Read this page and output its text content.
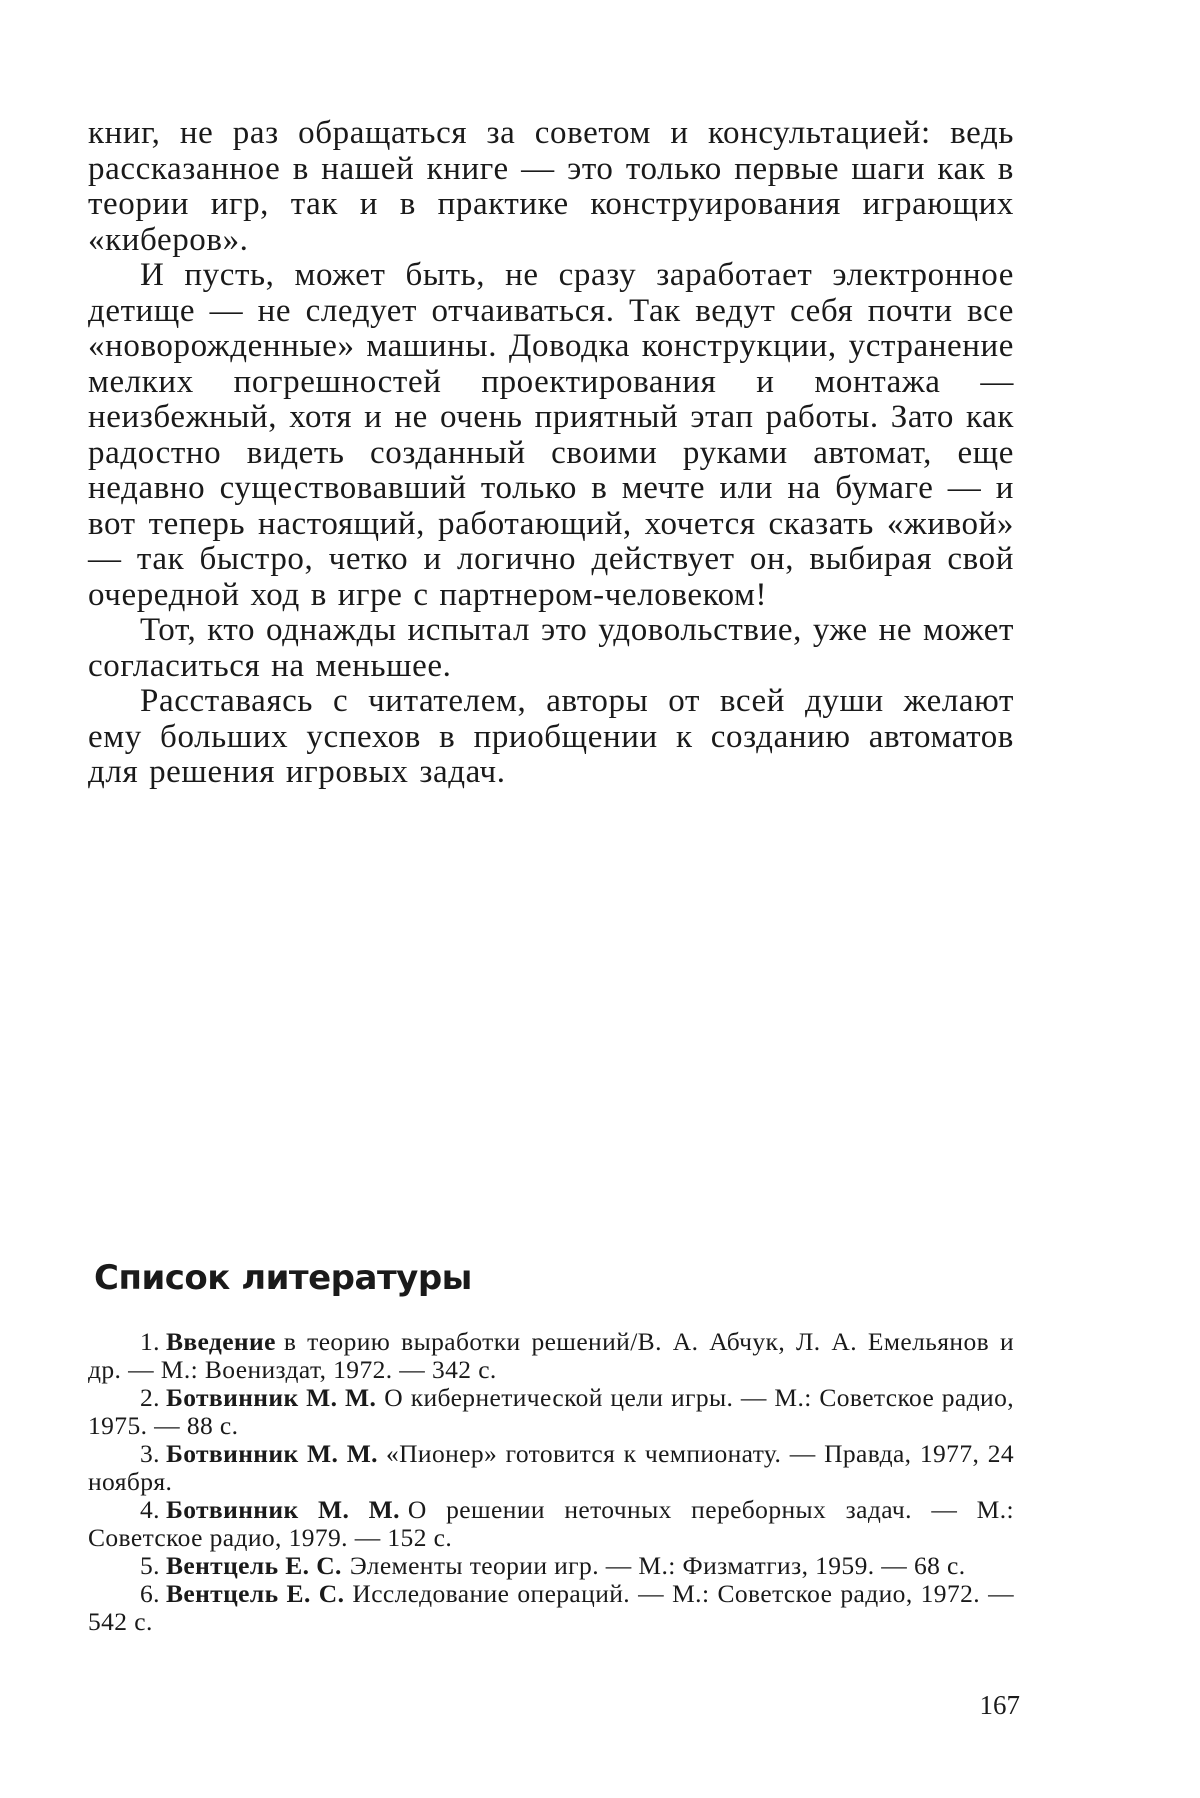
книг, не раз обращаться за советом и консультацией: ведь рассказанное в нашей книге — это только первые шаги как в теории игр, так и в практике конструирования играющих «киберов».

И пусть, может быть, не сразу заработает электронное детище — не следует отчаиваться. Так ведут себя почти все «новорожденные» машины. Доводка конструкции, устранение мелких погрешностей проектирования и монтажа — неизбежный, хотя и не очень приятный этап работы. Зато как радостно видеть созданный своими руками автомат, еще недавно существовавший только в мечте или на бумаге — и вот теперь настоящий, работающий, хочется сказать «живой» — так быстро, четко и логично действует он, выбирая свой очередной ход в игре с партнером-человеком!

Тот, кто однажды испытал это удовольствие, уже не может согласиться на меньшее.

Расставаясь с читателем, авторы от всей души желают ему больших успехов в приобщении к созданию автоматов для решения игровых задач.

Список литературы

1. Введение в теорию выработки решений/В. А. Абчук, Л. А. Емельянов и др. — М.: Воениздат, 1972. — 342 с.

2. Ботвинник М. М. О кибернетической цели игры. — М.: Советское радио, 1975. — 88 с.

3. Ботвинник М. М. «Пионер» готовится к чемпионату. — Правда, 1977, 24 ноября.

4. Ботвинник М. М. О решении неточных переборных задач. — М.: Советское радио, 1979. — 152 с.

5. Вентцель Е. С. Элементы теории игр. — М.: Физматгиз, 1959. — 68 с.

6. Вентцель Е. С. Исследование операций. — М.: Советское радио, 1972. — 542 с.

167
